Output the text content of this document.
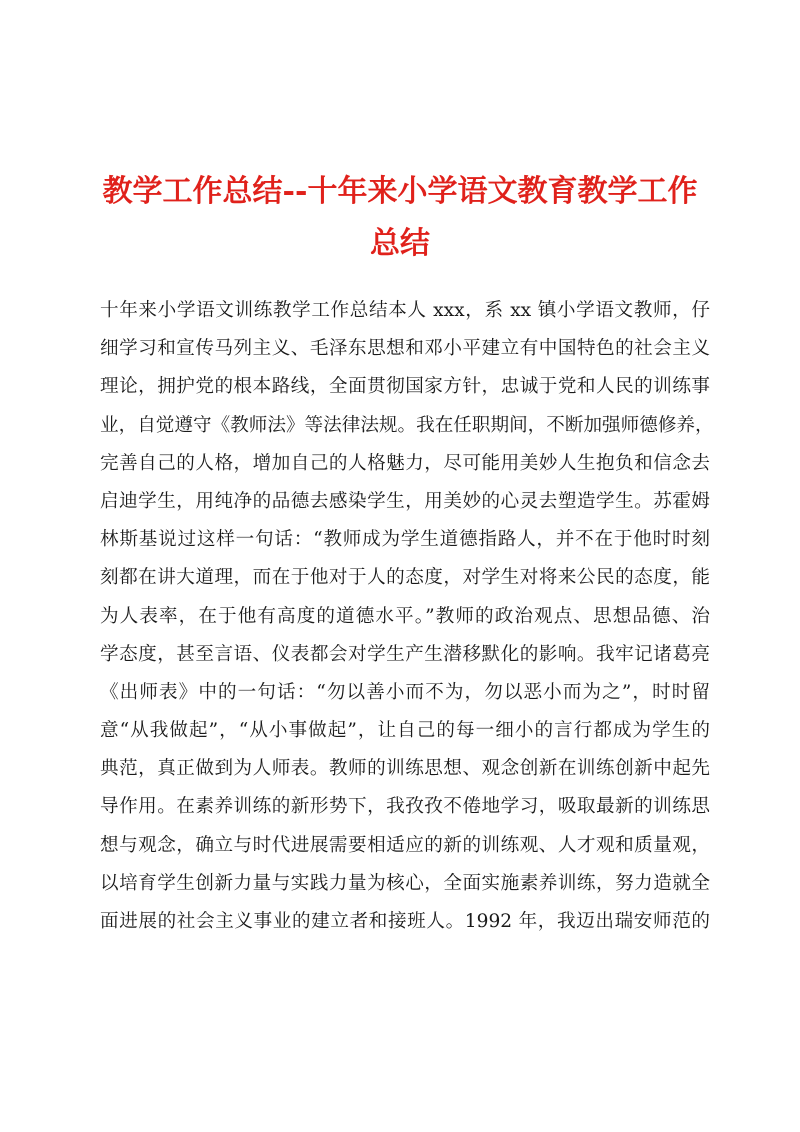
教学工作总结--十年来小学语文教育教学工作
总结
十年来小学语文训练教学工作总结本人 xxx，系 xx 镇小学语文教师，仔
细学习和宣传马列主义、毛泽东思想和邓小平建立有中国特色的社会主义
理论，拥护党的根本路线，全面贯彻国家方针，忠诚于党和人民的训练事
业，自觉遵守《教师法》等法律法规。我在任职期间，不断加强师德修养，
完善自己的人格，增加自己的人格魅力，尽可能用美妙人生抱负和信念去
启迪学生，用纯净的品德去感染学生，用美妙的心灵去塑造学生。苏霍姆
林斯基说过这样一句话：“教师成为学生道德指路人，并不在于他时时刻
刻都在讲大道理，而在于他对于人的态度，对学生对将来公民的态度，能
为人表率，在于他有高度的道德水平。”教师的政治观点、思想品德、治
学态度，甚至言语、仪表都会对学生产生潜移默化的影响。我牢记诸葛亮
《出师表》中的一句话：“勿以善小而不为，勿以恶小而为之”，时时留
意“从我做起”，“从小事做起”，让自己的每一细小的言行都成为学生的
典范，真正做到为人师表。教师的训练思想、观念创新在训练创新中起先
导作用。在素养训练的新形势下，我孜孜不倦地学习，吸取最新的训练思
想与观念，确立与时代进展需要相适应的新的训练观、人才观和质量观，
以培育学生创新力量与实践力量为核心，全面实施素养训练，努力造就全
面进展的社会主义事业的建立者和接班人。1992 年，我迈出瑞安师范的
